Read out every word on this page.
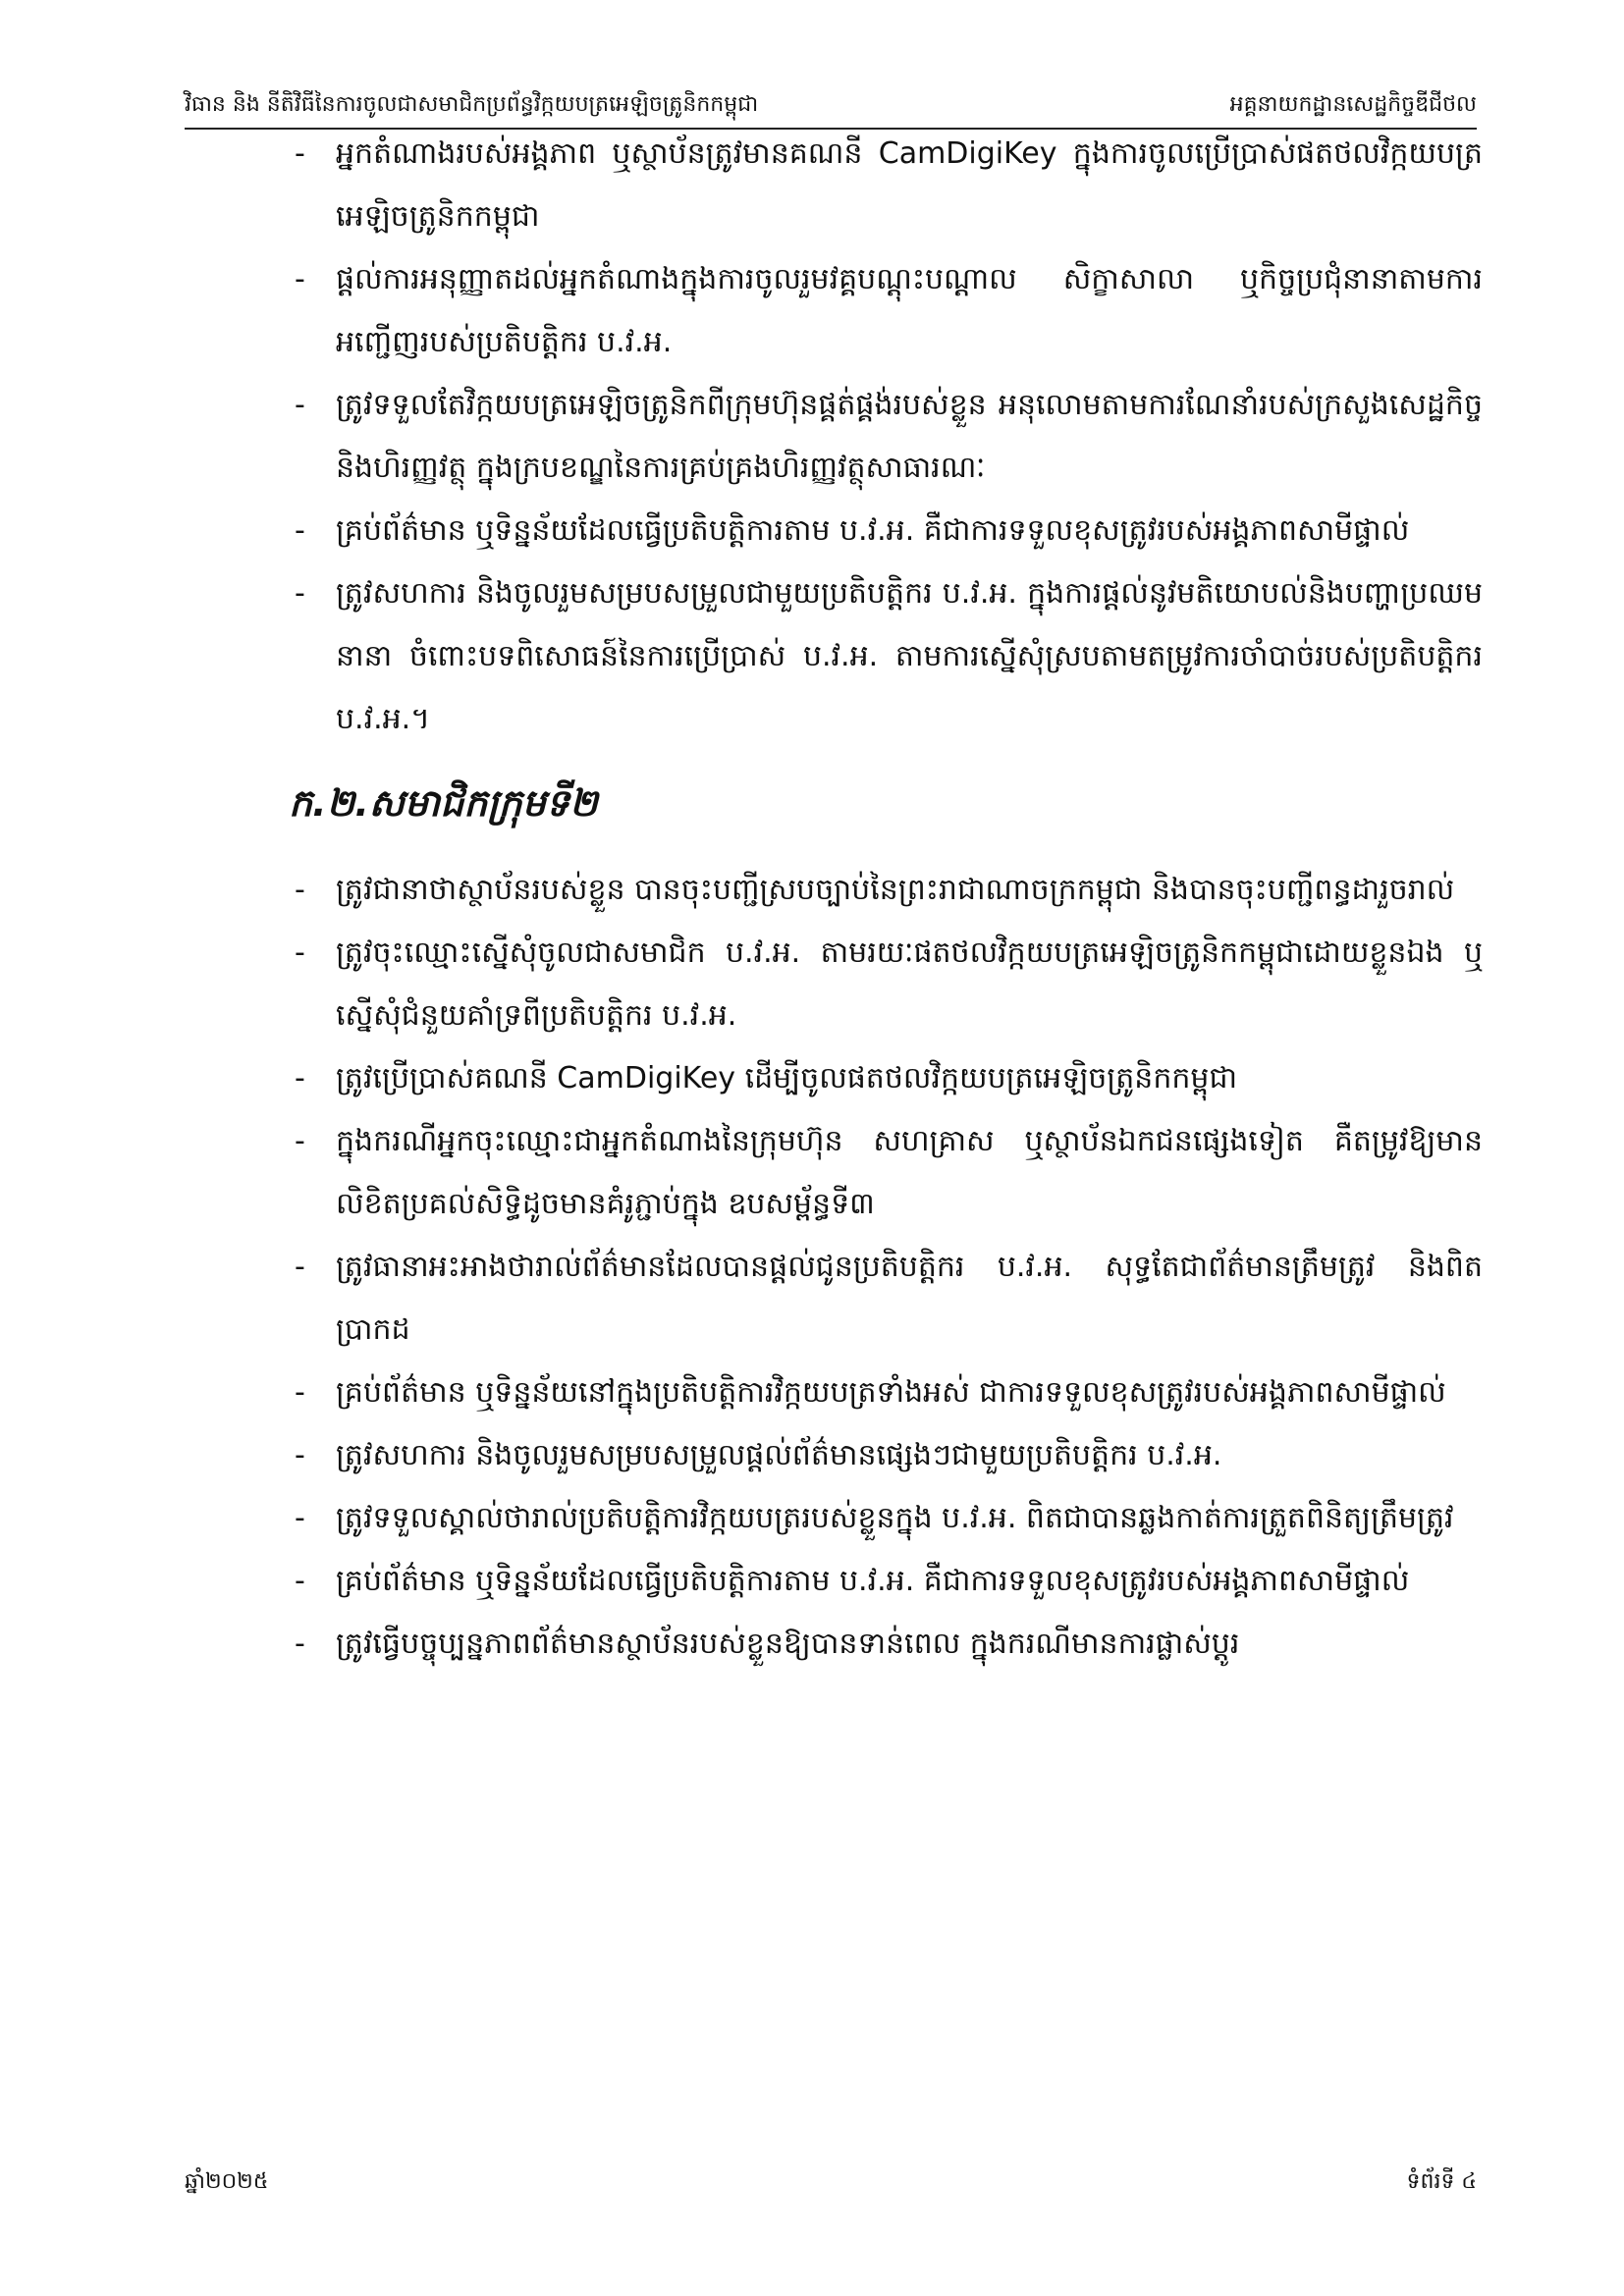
វិធាន និង នីតិវិធីនៃការចូលជាសមាជិកប្រព័ន្ធវិក្កយបត្រអេឡិចត្រូនិកកម្ពុជា	អគ្គនាយកដ្ឋានសេដ្ឋកិច្ចឌីជីថល
- អ្នកតំណាងរបស់អង្គភាព ឬស្ថាប័នត្រូវមានគណនី CamDigiKey ក្នុងការចូលប្រើប្រាស់ផតថលវិក្កយបត្រអេឡិចត្រូនិកកម្ពុជា
- ផ្តល់ការអនុញ្ញាតដល់អ្នកតំណាងក្នុងការចូលរួមវគ្គបណ្តុះបណ្តាល សិក្ខាសាលា ឬកិច្ចប្រជុំនានាតាមការអញ្ជើញរបស់ប្រតិបត្តិករ ប.វ.អ.
- ត្រូវទទួលតែវិក្កយបត្រអេឡិចត្រូនិកពីក្រុមហ៊ុនផ្គត់ផ្គង់របស់ខ្លួន អនុលោមតាមការណែនាំរបស់ក្រសួងសេដ្ឋកិច្ចនិងហិរញ្ញវត្ថុ ក្នុងក្របខណ្ឌនៃការគ្រប់គ្រងហិរញ្ញវត្ថុសាធារណៈ
- គ្រប់ព័ត៌មាន ឬទិន្នន័យដែលធ្វើប្រតិបត្តិការតាម ប.វ.អ. គឺជាការទទួលខុសត្រូវរបស់អង្គភាពសាមីផ្ទាល់
- ត្រូវសហការ និងចូលរួមសម្របសម្រួលជាមួយប្រតិបត្តិករ ប.វ.អ. ក្នុងការផ្តល់នូវមតិយោបល់និងបញ្ហាប្រឈមនានា ចំពោះបទពិសោធន៍នៃការប្រើប្រាស់ ប.វ.អ. តាមការស្នើសុំស្របតាមតម្រូវការចាំបាច់របស់ប្រតិបត្តិករ ប.វ.អ.។
ក.២.សមាជិកក្រុមទី២
- ត្រូវជានាថាស្ថាប័នរបស់ខ្លួន បានចុះបញ្ជីស្របច្បាប់នៃព្រះរាជាណាចក្រកម្ពុជា និងបានចុះបញ្ជីពន្ធដារួចរាល់
- ត្រូវចុះឈ្មោះស្នើសុំចូលជាសមាជិក ប.វ.អ. តាមរយៈផតថលវិក្កយបត្រអេឡិចត្រូនិកកម្ពុជាដោយខ្លួនឯង ឬស្នើសុំជំនួយគាំទ្រពីប្រតិបត្តិករ ប.វ.អ.
- ត្រូវប្រើប្រាស់គណនី CamDigiKey ដើម្បីចូលផតថលវិក្កយបត្រអេឡិចត្រូនិកកម្ពុជា
- ក្នុងករណីអ្នកចុះឈ្មោះជាអ្នកតំណាងនៃក្រុមហ៊ុន សហគ្រាស ឬស្ថាប័នឯកជនផ្សេងទៀត គឺតម្រូវឱ្យមានលិខិតប្រគល់សិទ្ធិដូចមានគំរូភ្ជាប់ក្នុង ឧបសម្ព័ន្ធទី៣
- ត្រូវធានាអះអាងថារាល់ព័ត៌មានដែលបានផ្តល់ជូនប្រតិបត្តិករ ប.វ.អ. សុទ្ធតែជាព័ត៌មានត្រឹមត្រូវ និងពិតប្រាកដ
- គ្រប់ព័ត៌មាន ឬទិន្នន័យនៅក្នុងប្រតិបត្តិការវិក្កយបត្រទាំងអស់ ជាការទទួលខុសត្រូវរបស់អង្គភាពសាមីផ្ទាល់
- ត្រូវសហការ និងចូលរួមសម្របសម្រួលផ្តល់ព័ត៌មានផ្សេងៗជាមួយប្រតិបត្តិករ ប.វ.អ.
- ត្រូវទទួលស្គាល់ថារាល់ប្រតិបត្តិការវិក្កយបត្ររបស់ខ្លួនក្នុង ប.វ.អ. ពិតជាបានឆ្លងកាត់ការត្រួតពិនិត្យត្រឹមត្រូវ
- គ្រប់ព័ត៌មាន ឬទិន្នន័យដែលធ្វើប្រតិបត្តិការតាម ប.វ.អ. គឺជាការទទួលខុសត្រូវរបស់អង្គភាពសាមីផ្ទាល់
- ត្រូវធ្វើបច្ចុប្បន្នភាពព័ត៌មានស្ថាប័នរបស់ខ្លួនឱ្យបានទាន់ពេល ក្នុងករណីមានការផ្លាស់ប្តូរ
ឆ្នាំ២០២៥	ទំព័រទី ៤
